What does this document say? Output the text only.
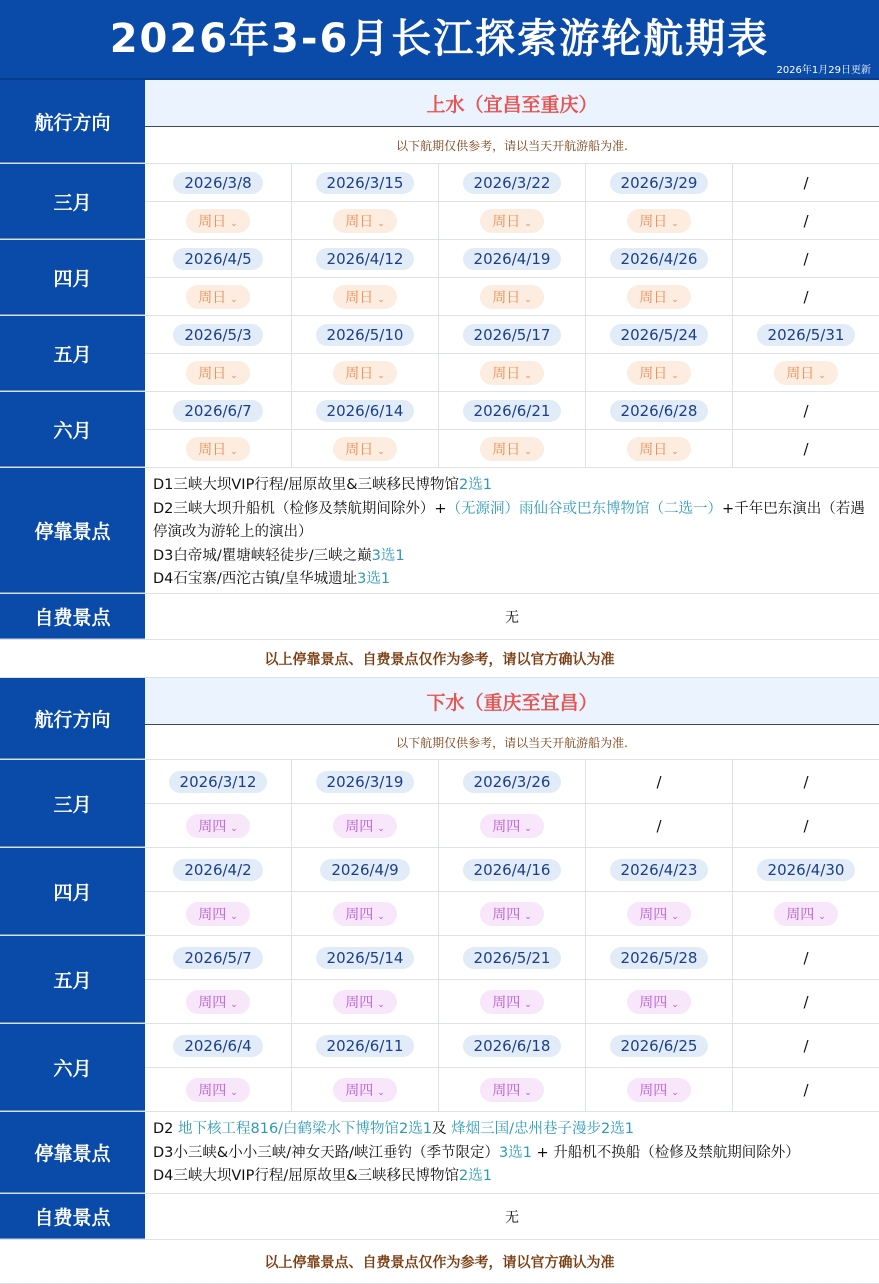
2026年3-6月长江探索游轮航期表
2026年1月29日更新
航行方向
上水（宜昌至重庆）
以下航期仅供参考，请以当天开航游船为准.
三月
2026/3/8	2026/3/15	2026/3/22	2026/3/29	/
周日 ⌄	周日 ⌄	周日 ⌄	周日 ⌄	/
四月
2026/4/5	2026/4/12	2026/4/19	2026/4/26	/
周日 ⌄	周日 ⌄	周日 ⌄	周日 ⌄	/
五月
2026/5/3	2026/5/10	2026/5/17	2026/5/24	2026/5/31
周日 ⌄	周日 ⌄	周日 ⌄	周日 ⌄	周日 ⌄
六月
2026/6/7	2026/6/14	2026/6/21	2026/6/28	/
周日 ⌄	周日 ⌄	周日 ⌄	周日 ⌄	/
停靠景点
D1三峡大坝VIP行程/屈原故里&三峡移民博物馆2选1
D2三峡大坝升船机（检修及禁航期间除外）+（无源洞）雨仙谷或巴东博物馆（二选一）+千年巴东演出（若遇停演改为游轮上的演出）
D3白帝城/瞿塘峡轻徒步/三峡之巅3选1
D4石宝寨/西沱古镇/皇华城遗址3选1
自费景点	无
以上停靠景点、自费景点仅作为参考，请以官方确认为准
航行方向
下水（重庆至宜昌）
以下航期仅供参考，请以当天开航游船为准.
三月
2026/3/12	2026/3/19	2026/3/26	/	/
周四 ⌄	周四 ⌄	周四 ⌄	/	/
四月
2026/4/2	2026/4/9	2026/4/16	2026/4/23	2026/4/30
周四 ⌄	周四 ⌄	周四 ⌄	周四 ⌄	周四 ⌄
五月
2026/5/7	2026/5/14	2026/5/21	2026/5/28	/
周四 ⌄	周四 ⌄	周四 ⌄	周四 ⌄	/
六月
2026/6/4	2026/6/11	2026/6/18	2026/6/25	/
周四 ⌄	周四 ⌄	周四 ⌄	周四 ⌄	/
停靠景点
D2 地下核工程816/白鹤梁水下博物馆2选1及 烽烟三国/忠州巷子漫步2选1
D3小三峡&小小三峡/神女天路/峡江垂钓（季节限定）3选1 + 升船机不换船（检修及禁航期间除外）
D4三峡大坝VIP行程/屈原故里&三峡移民博物馆2选1
自费景点	无
以上停靠景点、自费景点仅作为参考，请以官方确认为准
